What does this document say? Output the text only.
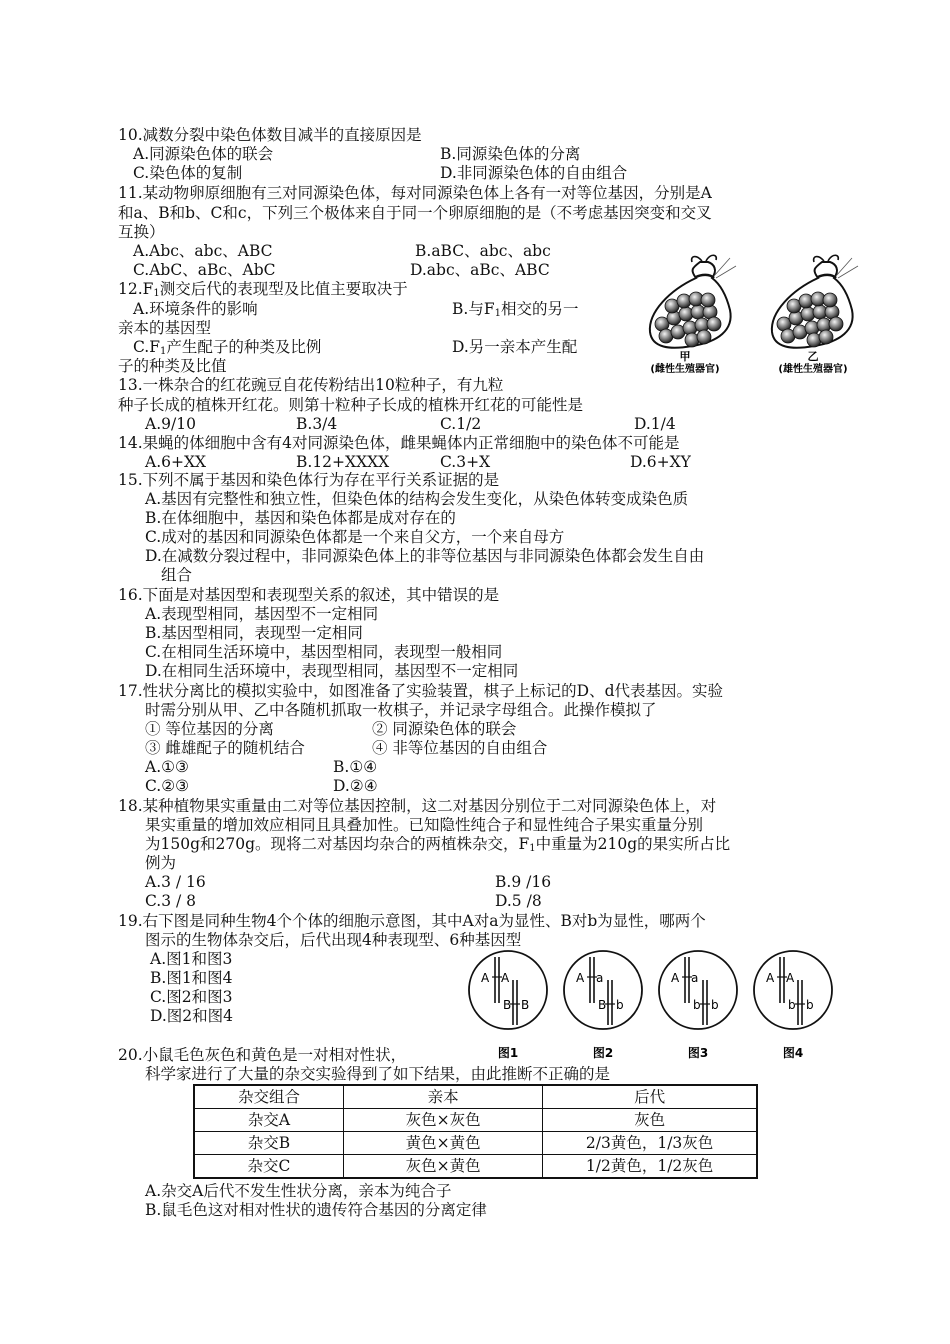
10.减数分裂中染色体数目减半的直接原因是
A.同源染色体的联会	B.同源染色体的分离
C.染色体的复制	D.非同源染色体的自由组合
11.某动物卵原细胞有三对同源染色体，每对同源染色体上各有一对等位基因，分别是A
和a、B和b、C和c，下列三个极体来自于同一个卵原细胞的是（不考虑基因突变和交叉
互换）
A.Abc、abc、ABC	B.aBC、abc、abc
C.AbC、aBc、AbC	D.abc、aBc、ABC
$12.F_1$测交后代的表现型及比值主要取决于
A.环境条件的影响	B.与$F_1$相交的另一
亲本的基因型
$C.F_1$产生配子的种类及比例	D.另一亲本产生配
子的种类及比值
甲
(雌性生殖器官)
乙
(雄性生殖器官)
13.一株杂合的红花豌豆自花传粉结出10粒种子，有九粒
种子长成的植株开红花。则第十粒种子长成的植株开红花的可能性是
A.9/10	B.3/4	C.1/2	D.1/4
14.果蝇的体细胞中含有4对同源染色体，雌果蝇体内正常细胞中的染色体不可能是
A.6+XX	B.12+XXXX	C.3+X	D.6+XY
15.下列不属于基因和染色体行为存在平行关系证据的是
A.基因有完整性和独立性，但染色体的结构会发生变化，从染色体转变成染色质
B.在体细胞中，基因和染色体都是成对存在的
C.成对的基因和同源染色体都是一个来自父方，一个来自母方
D.在减数分裂过程中，非同源染色体上的非等位基因与非同源染色体都会发生自由
组合
16.下面是对基因型和表现型关系的叙述，其中错误的是
A.表现型相同，基因型不一定相同
B.基因型相同，表现型一定相同
C.在相同生活环境中，基因型相同，表现型一般相同
D.在相同生活环境中，表现型相同，基因型不一定相同
17.性状分离比的模拟实验中，如图准备了实验装置，棋子上标记的D、d代表基因。实验
时需分别从甲、乙中各随机抓取一枚棋子，并记录字母组合。此操作模拟了
① 等位基因的分离	② 同源染色体的联会
③ 雌雄配子的随机结合	④ 非等位基因的自由组合
A.①③	B.①④
C.②③	D.②④
18.某种植物果实重量由二对等位基因控制，这二对基因分别位于二对同源染色体上，对
果实重量的增加效应相同且具叠加性。已知隐性纯合子和显性纯合子果实重量分别
为150g和270g。现将二对基因均杂合的两植株杂交，$F_1$中重量为210g的果实所占比
例为
A.3 / 16	B.9 /16
C.3 / 8	D.5 /8
19.右下图是同种生物4个个体的细胞示意图，其中A对a为显性、B对b为显性，哪两个
图示的生物体杂交后，后代出现4种表现型、6种基因型
A.图1和图3
B.图1和图4
C.图2和图3
D.图2和图4
A A
B B
A a
B b
A a
b b
A A
b b
图1	图2	图3	图4
20.小鼠毛色灰色和黄色是一对相对性状，
科学家进行了大量的杂交实验得到了如下结果，由此推断不正确的是
杂交组合	亲本	后代
杂交A	灰色×灰色	灰色
杂交B	黄色×黄色	2/3黄色，1/3灰色
杂交C	灰色×黄色	1/2黄色，1/2灰色
A.杂交A后代不发生性状分离，亲本为纯合子
B.鼠毛色这对相对性状的遗传符合基因的分离定律
